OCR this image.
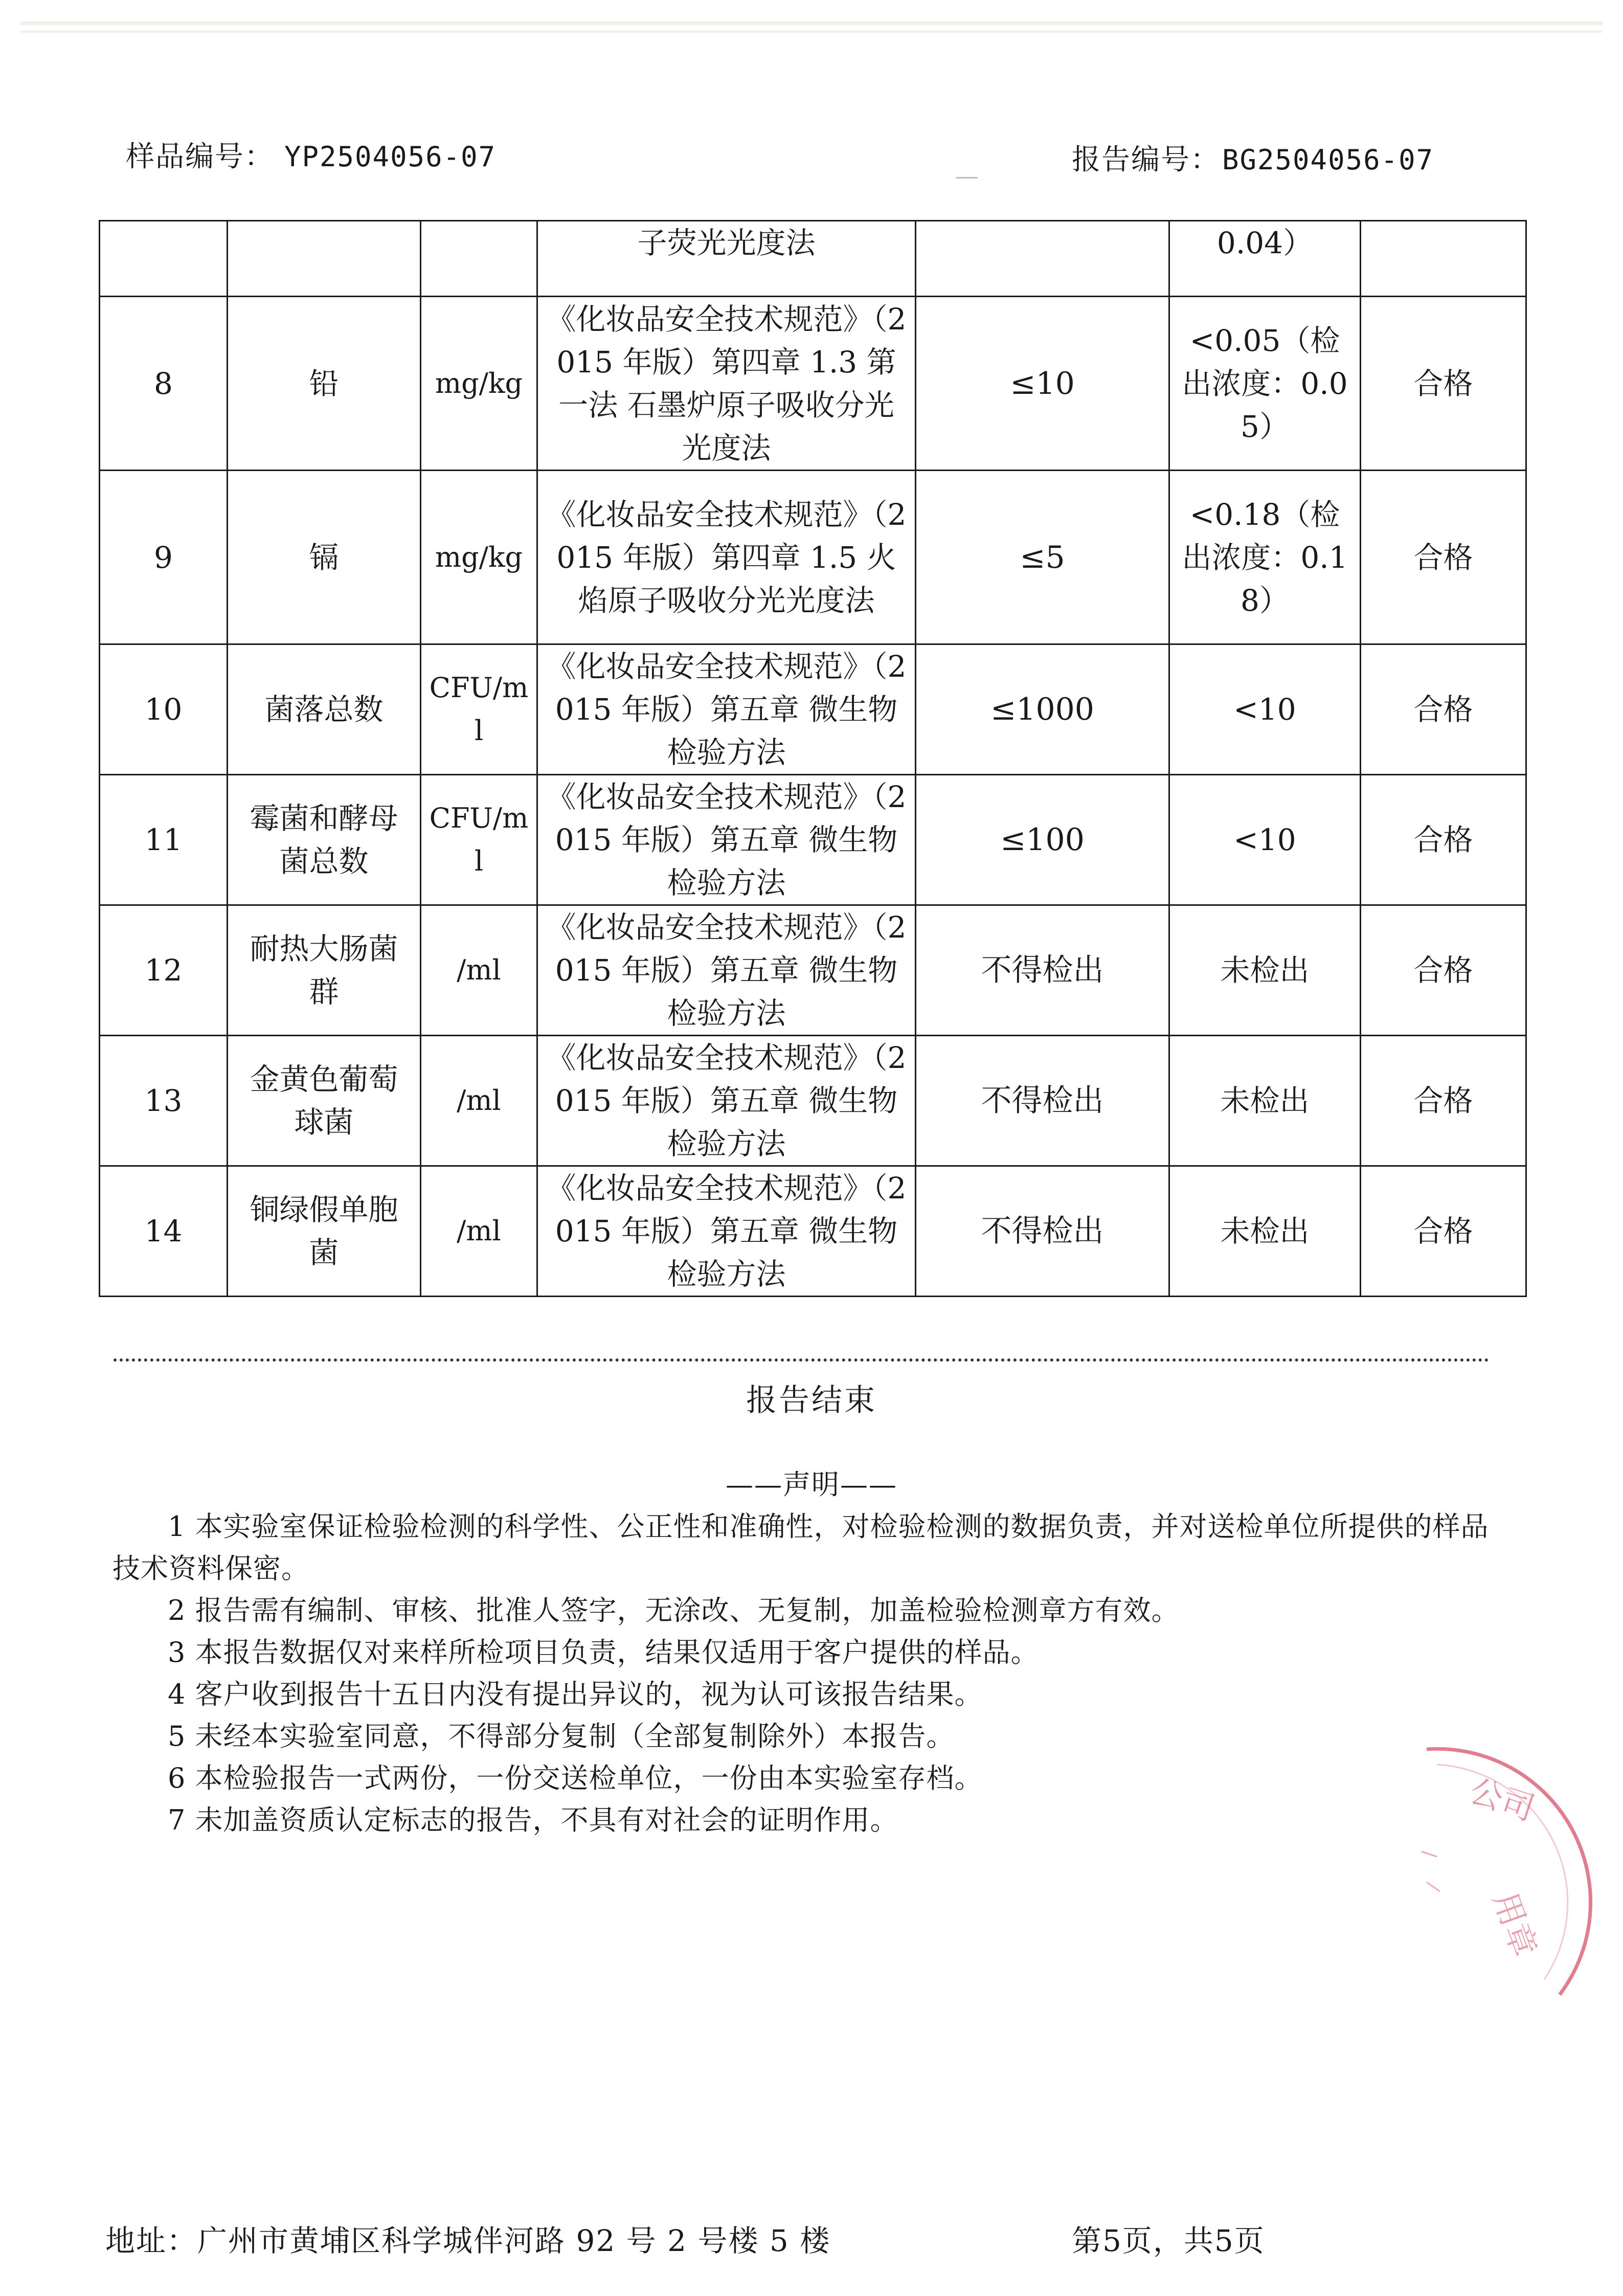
样品编号： YP2504056-07	报告编号：BG2504056-07
			子荧光光度法		0.04）	
8	铅	mg/kg	《化妆品安全技术规范》（2015 年版）第四章 1.3 第一法 石墨炉原子吸收分光光度法	≤10	<0.05（检出浓度：0.05）	合格
9	镉	mg/kg	《化妆品安全技术规范》（2015 年版）第四章 1.5 火焰原子吸收分光光度法	≤5	<0.18（检出浓度：0.18）	合格
10	菌落总数	CFU/ml	《化妆品安全技术规范》（2015 年版）第五章 微生物检验方法	≤1000	<10	合格
11	霉菌和酵母菌总数	CFU/ml	《化妆品安全技术规范》（2015 年版）第五章 微生物检验方法	≤100	<10	合格
12	耐热大肠菌群	/ml	《化妆品安全技术规范》（2015 年版）第五章 微生物检验方法	不得检出	未检出	合格
13	金黄色葡萄球菌	/ml	《化妆品安全技术规范》（2015 年版）第五章 微生物检验方法	不得检出	未检出	合格
14	铜绿假单胞菌	/ml	《化妆品安全技术规范》（2015 年版）第五章 微生物检验方法	不得检出	未检出	合格
报告结束
——声明——

1 本实验室保证检验检测的科学性、公正性和准确性，对检验检测的数据负责，并对送检单位所提供的样品技术资料保密。

2 报告需有编制、审核、批准人签字，无涂改、无复制，加盖检验检测章方有效。

3 本报告数据仅对来样所检项目负责，结果仅适用于客户提供的样品。

4 客户收到报告十五日内没有提出异议的，视为认可该报告结果。

5 未经本实验室同意，不得部分复制（全部复制除外）本报告。

6 本检验报告一式两份，一份交送检单位，一份由本实验室存档。

7 未加盖资质认定标志的报告，不具有对社会的证明作用。	公司
用章
地址：广州市黄埔区科学城伴河路 92 号 2 号楼 5 楼	第5页，共5页
